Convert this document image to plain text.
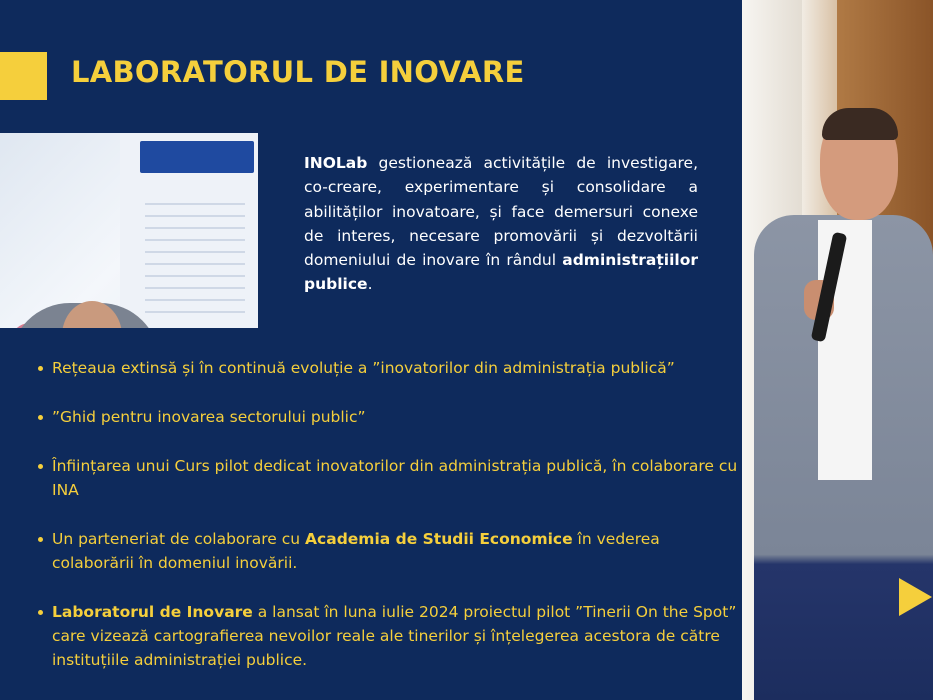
LABORATORUL DE INOVARE

INOLab gestionează activitățile de investigare, co-creare, experimentare și consolidare a abilităților inovatoare, și face demersuri conexe de interes, necesare promovării și dezvoltării domeniului de inovare în rândul administrațiilor publice.

Rețeaua extinsă și în continuă evoluție a ”inovatorilor din administrația publică”
”Ghid pentru inovarea sectorului public”
Înființarea unui Curs pilot dedicat inovatorilor din administrația publică, în colaborare cu INA
Un parteneriat de colaborare cu Academia de Studii Economice în vederea colaborării în domeniul inovării.
Laboratorul de Inovare a lansat în luna iulie 2024 proiectul pilot ”Tinerii On the Spot” care vizează cartografierea nevoilor reale ale tinerilor și înțelegerea acestora de către instituțiile administrației publice.
